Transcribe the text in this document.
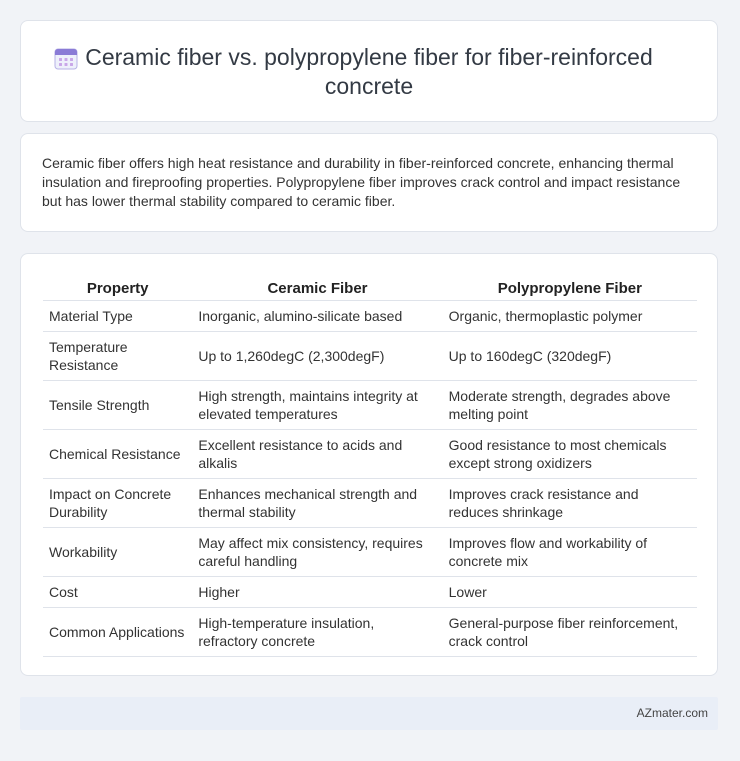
Ceramic fiber vs. polypropylene fiber for fiber-reinforced concrete
Ceramic fiber offers high heat resistance and durability in fiber-reinforced concrete, enhancing thermal insulation and fireproofing properties. Polypropylene fiber improves crack control and impact resistance but has lower thermal stability compared to ceramic fiber.
Property	Ceramic Fiber	Polypropylene Fiber
Material Type	Inorganic, alumino-silicate based	Organic, thermoplastic polymer
Temperature Resistance	Up to 1,260degC (2,300degF)	Up to 160degC (320degF)
Tensile Strength	High strength, maintains integrity at elevated temperatures	Moderate strength, degrades above melting point
Chemical Resistance	Excellent resistance to acids and alkalis	Good resistance to most chemicals except strong oxidizers
Impact on Concrete Durability	Enhances mechanical strength and thermal stability	Improves crack resistance and reduces shrinkage
Workability	May affect mix consistency, requires careful handling	Improves flow and workability of concrete mix
Cost	Higher	Lower
Common Applications	High-temperature insulation, refractory concrete	General-purpose fiber reinforcement, crack control
AZmater.com
